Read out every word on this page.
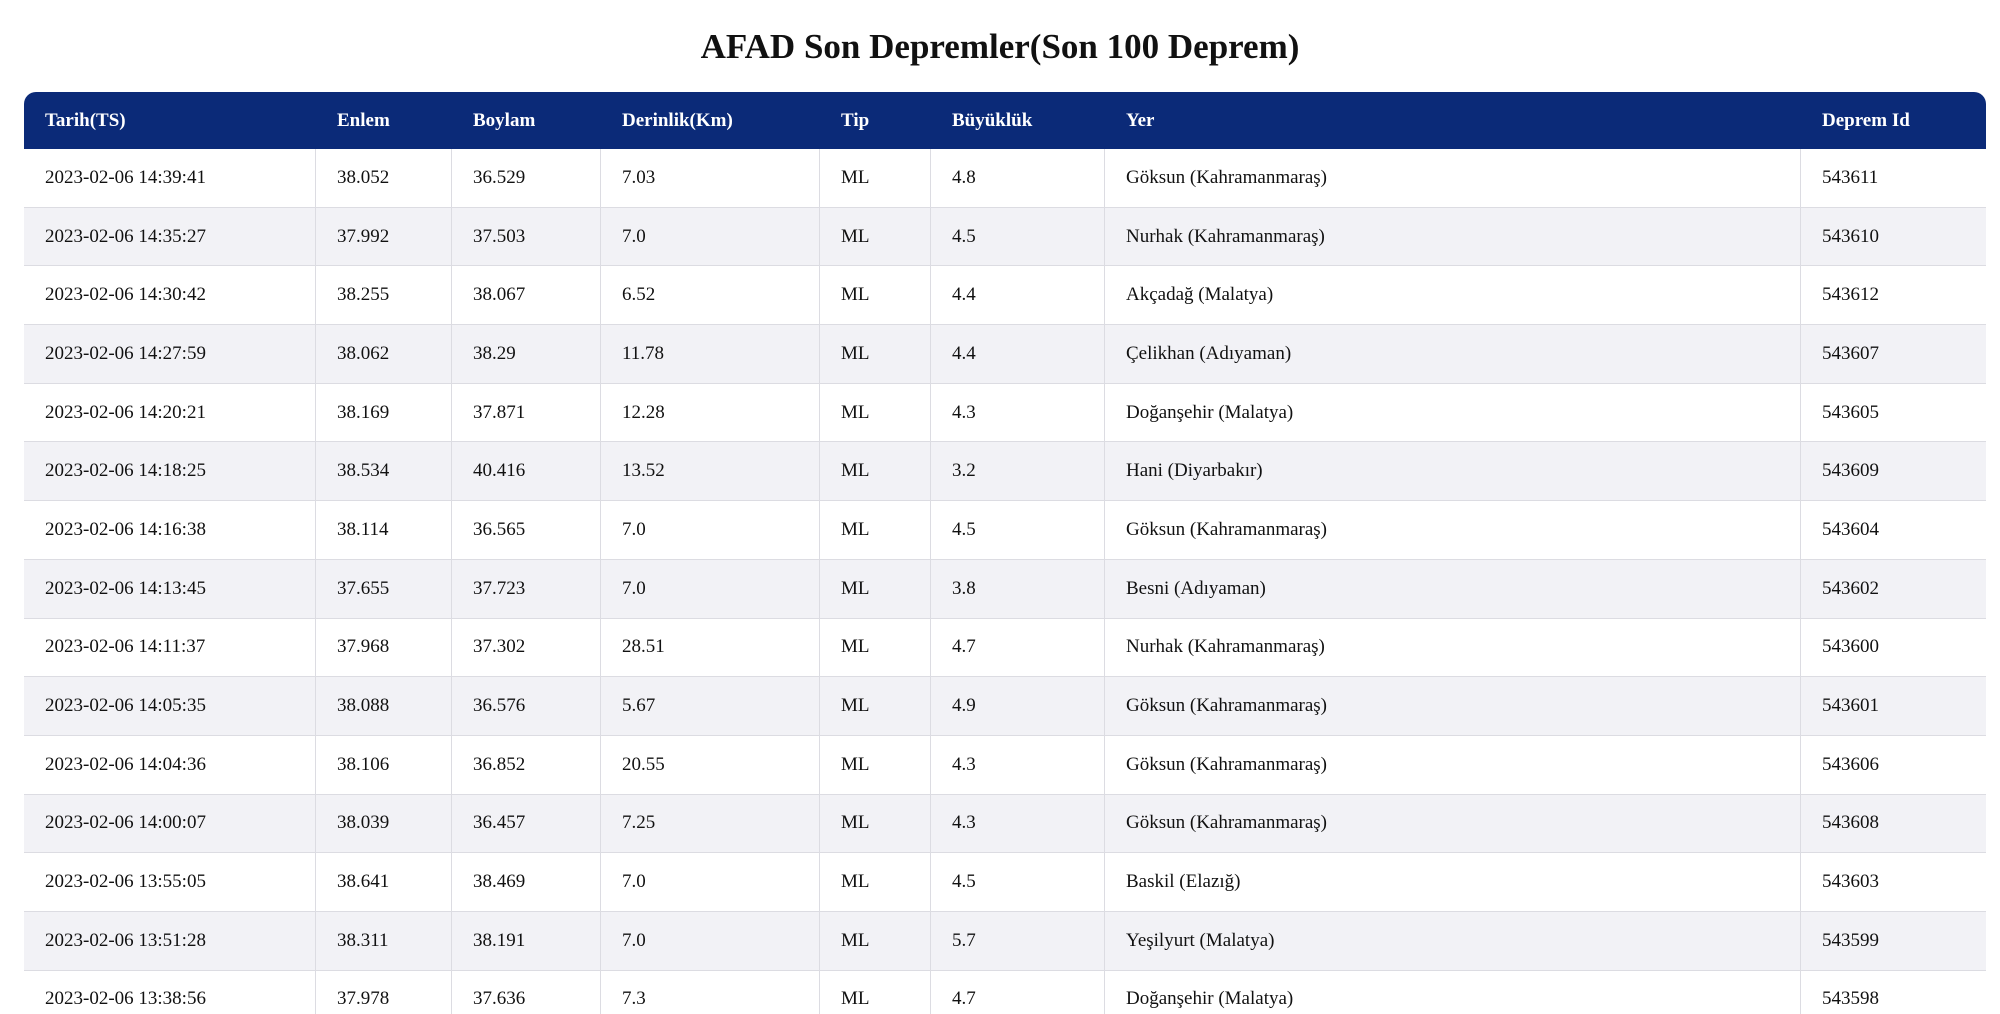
AFAD Son Depremler(Son 100 Deprem)
Tarih(TS)	Enlem	Boylam	Derinlik(Km)	Tip	Büyüklük	Yer	Deprem Id
2023-02-06 14:39:41	38.052	36.529	7.03	ML	4.8	Göksun (Kahramanmaraş)	543611
2023-02-06 14:35:27	37.992	37.503	7.0	ML	4.5	Nurhak (Kahramanmaraş)	543610
2023-02-06 14:30:42	38.255	38.067	6.52	ML	4.4	Akçadağ (Malatya)	543612
2023-02-06 14:27:59	38.062	38.29	11.78	ML	4.4	Çelikhan (Adıyaman)	543607
2023-02-06 14:20:21	38.169	37.871	12.28	ML	4.3	Doğanşehir (Malatya)	543605
2023-02-06 14:18:25	38.534	40.416	13.52	ML	3.2	Hani (Diyarbakır)	543609
2023-02-06 14:16:38	38.114	36.565	7.0	ML	4.5	Göksun (Kahramanmaraş)	543604
2023-02-06 14:13:45	37.655	37.723	7.0	ML	3.8	Besni (Adıyaman)	543602
2023-02-06 14:11:37	37.968	37.302	28.51	ML	4.7	Nurhak (Kahramanmaraş)	543600
2023-02-06 14:05:35	38.088	36.576	5.67	ML	4.9	Göksun (Kahramanmaraş)	543601
2023-02-06 14:04:36	38.106	36.852	20.55	ML	4.3	Göksun (Kahramanmaraş)	543606
2023-02-06 14:00:07	38.039	36.457	7.25	ML	4.3	Göksun (Kahramanmaraş)	543608
2023-02-06 13:55:05	38.641	38.469	7.0	ML	4.5	Baskil (Elazığ)	543603
2023-02-06 13:51:28	38.311	38.191	7.0	ML	5.7	Yeşilyurt (Malatya)	543599
2023-02-06 13:38:56	37.978	37.636	7.3	ML	4.7	Doğanşehir (Malatya)	543598
